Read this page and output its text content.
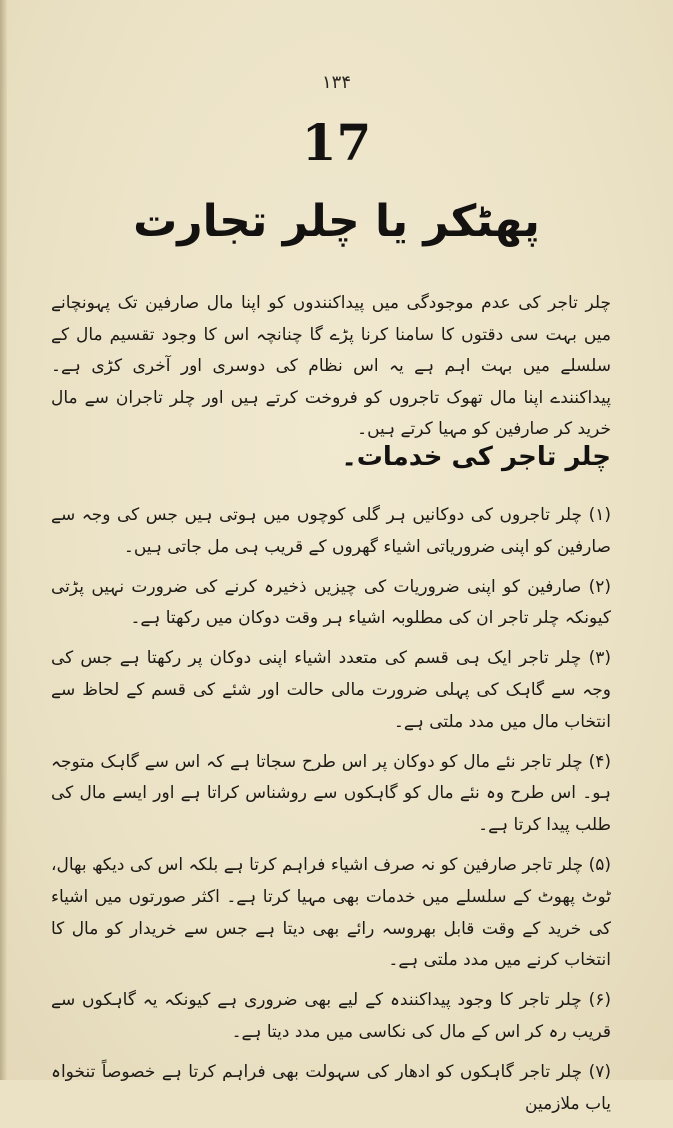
۱۳۴
17
پھٹکر یا چلر تجارت
چلر تاجر کی عدم موجودگی میں پیداکنندوں کو اپنا مال صارفین تک پہونچانے میں بہت سی دقتوں کا سامنا کرنا پڑے گا چنانچہ اس کا وجود تقسیم مال کے سلسلے میں بہت اہم ہے یہ اس نظام کی دوسری اور آخری کڑی ہے۔ پیداکنندے اپنا مال تھوک تاجروں کو فروخت کرتے ہیں اور چلر تاجران سے مال خرید کر صارفین کو مہیا کرتے ہیں۔
چلر تاجر کی خدمات۔

(۱) چلر تاجروں کی دوکانیں ہر گلی کوچوں میں ہوتی ہیں جس کی وجہ سے صارفین کو اپنی ضروریاتی اشیاء گھروں کے قریب ہی مل جاتی ہیں۔

(۲) صارفین کو اپنی ضروریات کی چیزیں ذخیرہ کرنے کی ضرورت نہیں پڑتی کیونکہ چلر تاجر ان کی مطلوبہ اشیاء ہر وقت دوکان میں رکھتا ہے۔

(۳) چلر تاجر ایک ہی قسم کی متعدد اشیاء اپنی دوکان پر رکھتا ہے جس کی وجہ سے گاہک کی پہلی ضرورت مالی حالت اور شئے کی قسم کے لحاظ سے انتخاب مال میں مدد ملتی ہے۔

(۴) چلر تاجر نئے مال کو دوکان پر اس طرح سجاتا ہے کہ اس سے گاہک متوجہ ہو۔ اس طرح وہ نئے مال کو گاہکوں سے روشناس کراتا ہے اور ایسے مال کی طلب پیدا کرتا ہے۔

(۵) چلر تاجر صارفین کو نہ صرف اشیاء فراہم کرتا ہے بلکہ اس کی دیکھ بھال، ٹوٹ پھوٹ کے سلسلے میں خدمات بھی مہیا کرتا ہے۔ اکثر صورتوں میں اشیاء کی خرید کے وقت قابل بھروسہ رائے بھی دیتا ہے جس سے خریدار کو مال کا انتخاب کرنے میں مدد ملتی ہے۔

(۶) چلر تاجر کا وجود پیداکنندہ کے لیے بھی ضروری ہے کیونکہ یہ گاہکوں سے قریب رہ کر اس کے مال کی نکاسی میں مدد دیتا ہے۔

(۷) چلر تاجر گاہکوں کو ادھار کی سہولت بھی فراہم کرتا ہے خصوصاً تنخواہ یاب ملازمین
